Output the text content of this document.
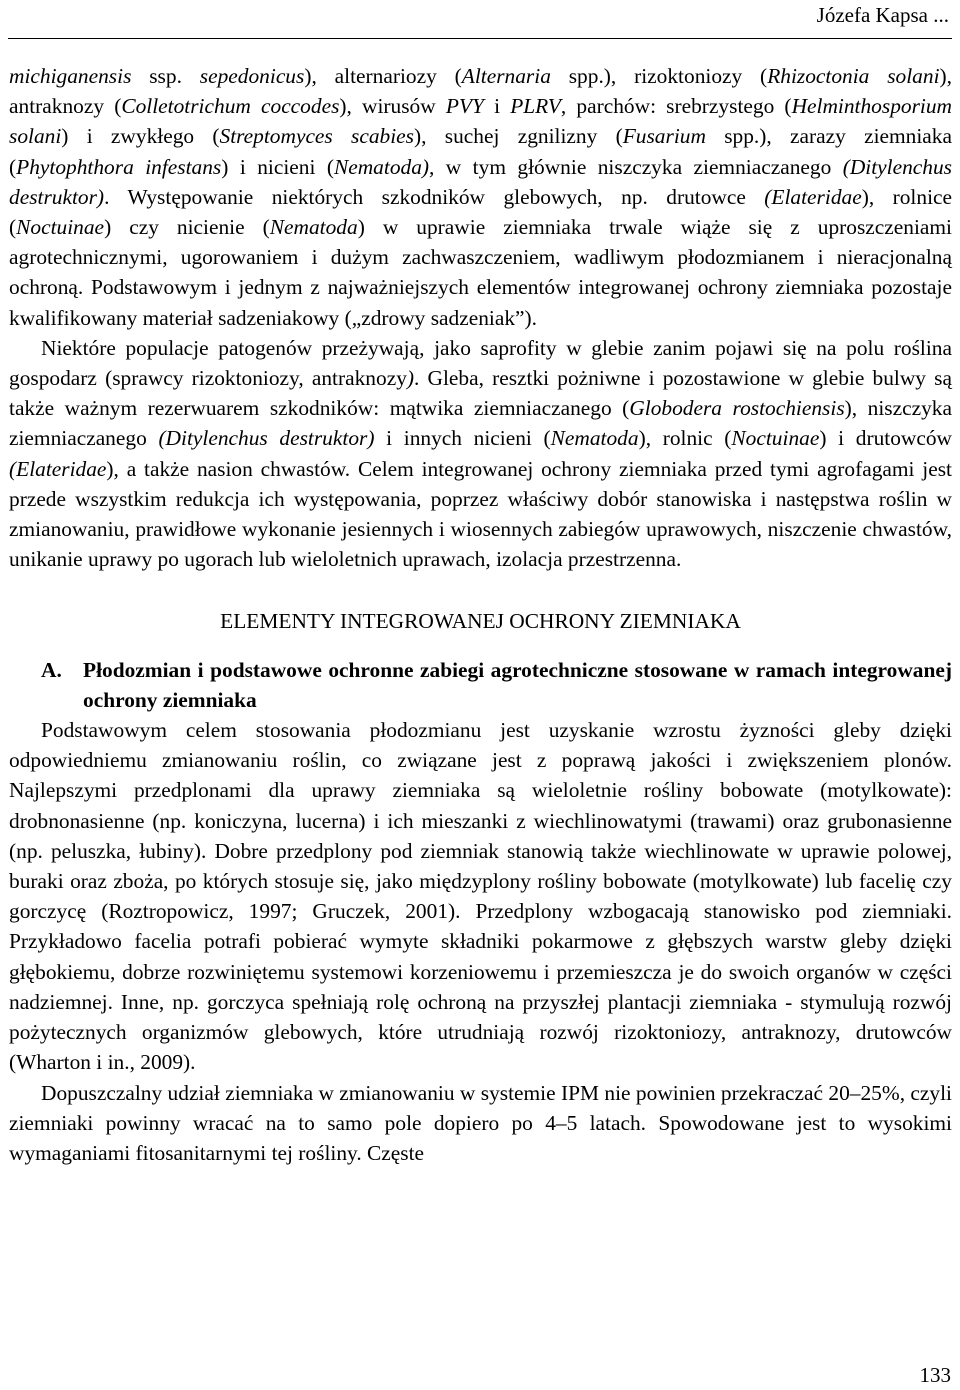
Józefa Kapsa ...

michiganensis ssp. sepedonicus), alternariozy (Alternaria spp.), rizoktoniozy (Rhizoctonia solani), antraknozy (Colletotrichum coccodes), wirusów PVY i PLRV, parchów: srebrzystego (Helminthosporium solani) i zwykłego (Streptomyces scabies), suchej zgnilizny (Fusarium spp.), zarazy ziemniaka (Phytophthora infestans) i nicieni (Nematoda), w tym głównie niszczyka ziemniaczanego (Ditylenchus destruktor). Występowanie niektórych szkodników glebowych, np. drutowce (Elateridae), rolnice (Noctuinae) czy nicienie (Nematoda) w uprawie ziemniaka trwale wiąże się z uproszczeniami agrotechnicznymi, ugorowaniem i dużym zachwaszczeniem, wadliwym płodozmianem i nieracjonalną ochroną. Podstawowym i jednym z najważniejszych elementów integrowanej ochrony ziemniaka pozostaje kwalifikowany materiał sadzeniakowy („zdrowy sadzeniak”).

Niektóre populacje patogenów przeżywają, jako saprofity w glebie zanim pojawi się na polu roślina gospodarz (sprawcy rizoktoniozy, antraknozy). Gleba, resztki pożniwne i pozostawione w glebie bulwy są także ważnym rezerwuarem szkodników: mątwika ziemniaczanego (Globodera rostochiensis), niszczyka ziemniaczanego (Ditylenchus destruktor) i innych nicieni (Nematoda), rolnic (Noctuinae) i drutowców (Elateridae), a także nasion chwastów. Celem integrowanej ochrony ziemniaka przed tymi agrofagami jest przede wszystkim redukcja ich występowania, poprzez właściwy dobór stanowiska i następstwa roślin w zmianowaniu, prawidłowe wykonanie jesiennych i wiosennych zabiegów uprawowych, niszczenie chwastów, unikanie uprawy po ugorach lub wieloletnich uprawach, izolacja przestrzenna.

ELEMENTY INTEGROWANEJ OCHRONY ZIEMNIAKA

A. Płodozmian i podstawowe ochronne zabiegi agrotechniczne stosowane w ramach integrowanej ochrony ziemniaka

Podstawowym celem stosowania płodozmianu jest uzyskanie wzrostu żyzności gleby dzięki odpowiedniemu zmianowaniu roślin, co związane jest z poprawą jakości i zwiększeniem plonów. Najlepszymi przedplonami dla uprawy ziemniaka są wieloletnie rośliny bobowate (motylkowate): drobnonasienne (np. koniczyna, lucerna) i ich mieszanki z wiechlinowatymi (trawami) oraz grubonasienne (np. peluszka, łubiny). Dobre przedplony pod ziemniak stanowią także wiechlinowate w uprawie polowej, buraki oraz zboża, po których stosuje się, jako międzyplony rośliny bobowate (motylkowate) lub facelię czy gorczycę (Roztropowicz, 1997; Gruczek, 2001). Przedplony wzbogacają stanowisko pod ziemniaki. Przykładowo facelia potrafi pobierać wymyte składniki pokarmowe z głębszych warstw gleby dzięki głębokiemu, dobrze rozwiniętemu systemowi korzeniowemu i przemieszcza je do swoich organów w części nadziemnej. Inne, np. gorczyca spełniają rolę ochroną na przyszłej plantacji ziemniaka - stymulują rozwój pożytecznych organizmów glebowych, które utrudniają rozwój rizoktoniozy, antraknozy, drutowców (Wharton i in., 2009).

Dopuszczalny udział ziemniaka w zmianowaniu w systemie IPM nie powinien przekraczać 20–25%, czyli ziemniaki powinny wracać na to samo pole dopiero po 4–5 latach. Spowodowane jest to wysokimi wymaganiami fitosanitarnymi tej rośliny. Częste

133
